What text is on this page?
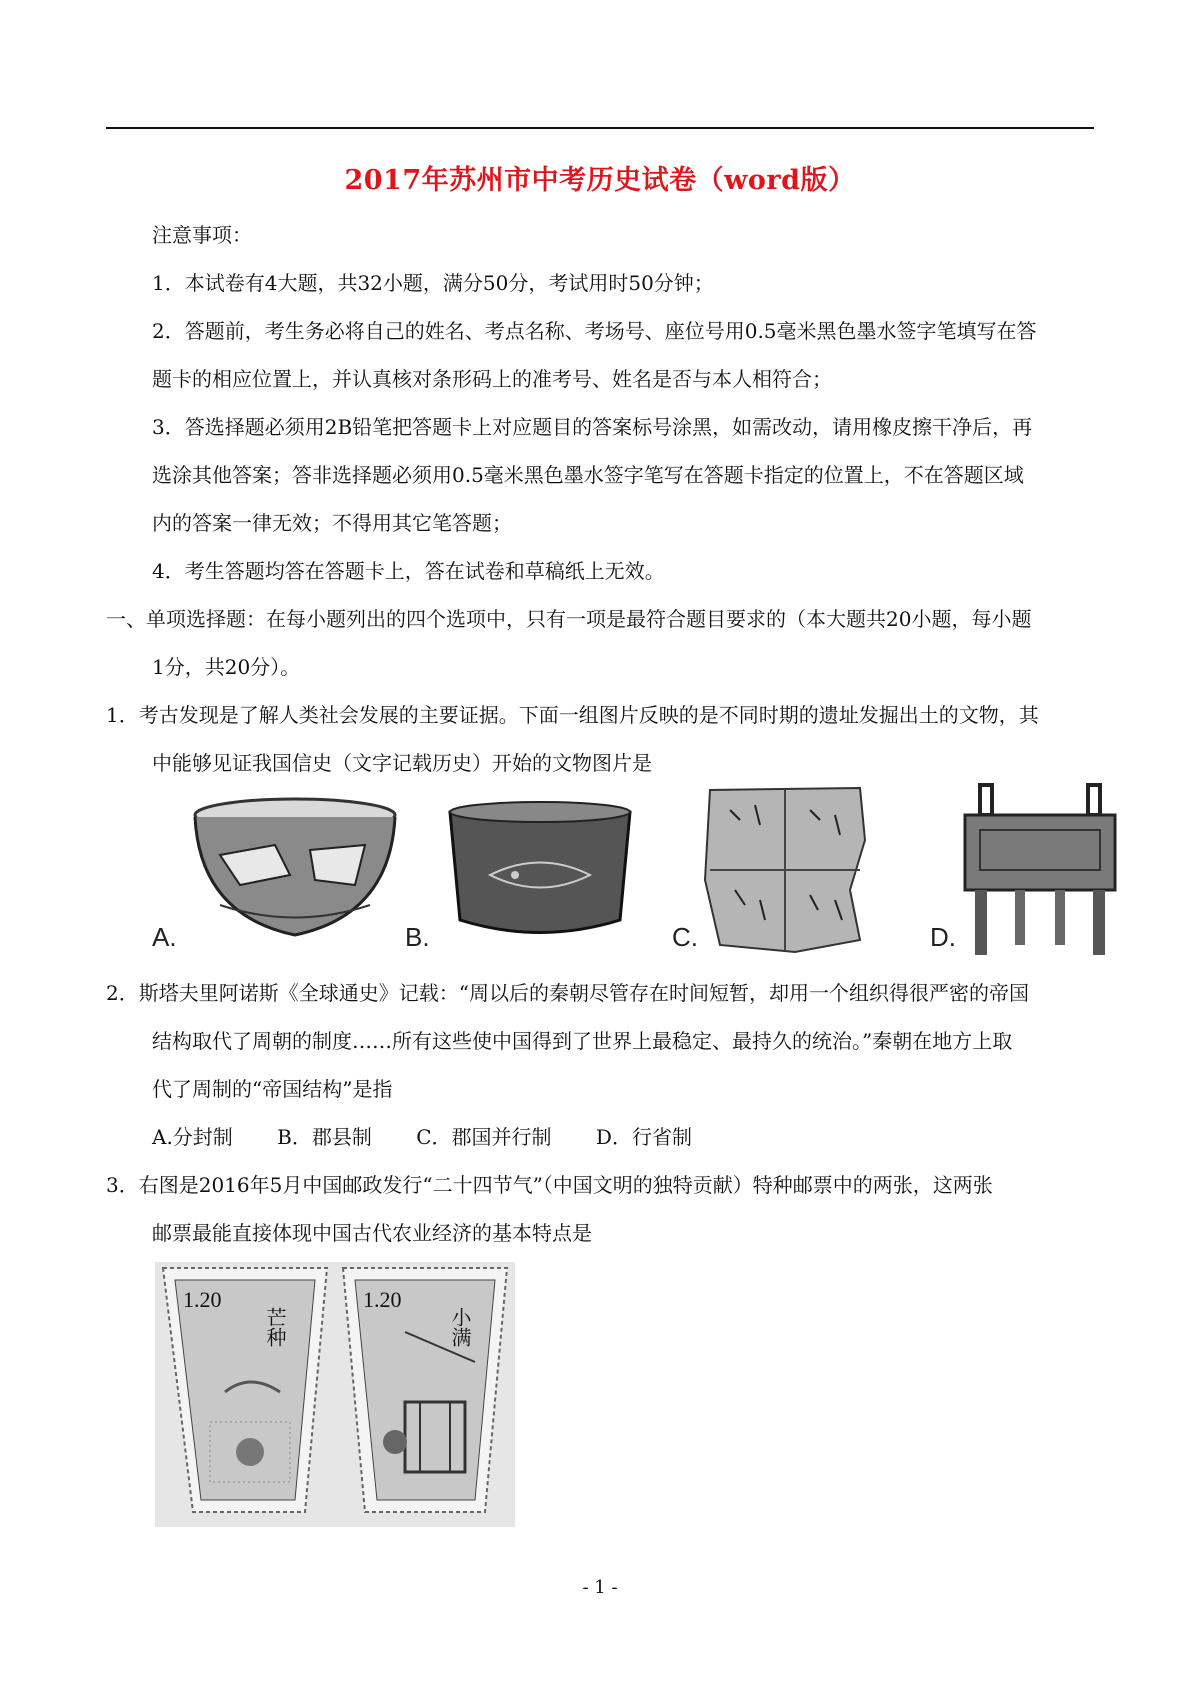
2017年苏州市中考历史试卷（word版）
注意事项：
1．本试卷有4大题，共32小题，满分50分，考试用时50分钟；
2．答题前，考生务必将自己的姓名、考点名称、考场号、座位号用0.5毫米黑色墨水签字笔填写在答
题卡的相应位置上，并认真核对条形码上的准考号、姓名是否与本人相符合；
3．答选择题必须用2B铅笔把答题卡上对应题目的答案标号涂黑，如需改动，请用橡皮擦干净后，再
选涂其他答案；答非选择题必须用0.5毫米黑色墨水签字笔写在答题卡指定的位置上，不在答题区域
内的答案一律无效；不得用其它笔答题；
4．考生答题均答在答题卡上，答在试卷和草稿纸上无效。
一、单项选择题：在每小题列出的四个选项中，只有一项是最符合题目要求的（本大题共20小题，每小题
1分，共20分）。
1．考古发现是了解人类社会发展的主要证据。下面一组图片反映的是不同时期的遗址发掘出土的文物，其
中能够见证我国信史（文字记载历史）开始的文物图片是
A.	B.	C.	D.
2．斯塔夫里阿诺斯《全球通史》记载：“周以后的秦朝尽管存在时间短暂，却用一个组织得很严密的帝国
结构取代了周朝的制度……所有这些使中国得到了世界上最稳定、最持久的统治。”秦朝在地方上取
代了周制的“帝国结构”是指
A.分封制 B．郡县制 C．郡国并行制 D．行省制
3．右图是2016年5月中国邮政发行“二十四节气”（中国文明的独特贡献）特种邮票中的两张，这两张
邮票最能直接体现中国古代农业经济的基本特点是
1.20
芒种
1.20
小满
- 1 -
